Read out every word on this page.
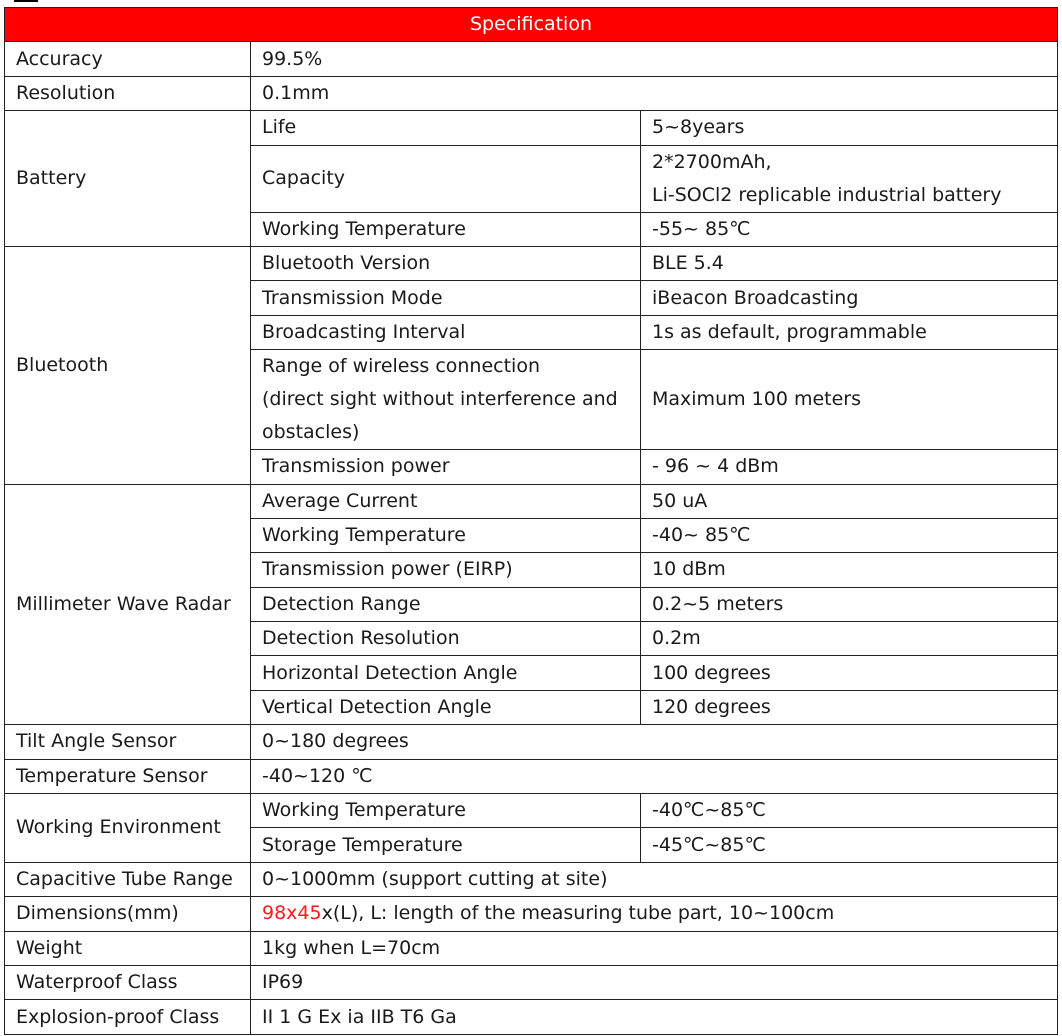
Specification		
Accuracy	99.5%	
Resolution	0.1mm	
Battery	Life	5~8years
	Capacity	2*2700mAh,
Li-SOCl2 replicable industrial battery

	Working Temperature	-55~ 85℃
Bluetooth	Bluetooth Version	BLE 5.4
	Transmission Mode	iBeacon Broadcasting
	Broadcasting Interval	1s as default, programmable

	Range of wireless connection
(direct sight without interference and
obstacles)	Maximum 100 meters
	Transmission power	- 96 ~ 4 dBm
Millimeter Wave Radar	Average Current	50 uA
	Working Temperature	-40~ 85℃
	Transmission power (EIRP)	10 dBm
	Detection Range	0.2~5 meters
	Detection Resolution	0.2m
	Horizontal Detection Angle	100 degrees
	Vertical Detection Angle	120 degrees
Tilt Angle Sensor	0~180 degrees	
Temperature Sensor	-40~120 ℃	
Working Environment	Working Temperature	-40℃~85℃
	Storage Temperature	-45℃~85℃
Capacitive Tube Range	0~1000mm (support cutting at site)	
Dimensions(mm)	98x45x(L), L: length of the measuring tube part, 10~100cm	
Weight	1kg when L=70cm	
Waterproof Class	IP69	
Explosion-proof Class	II 1 G Ex ia IIB T6 Ga	
